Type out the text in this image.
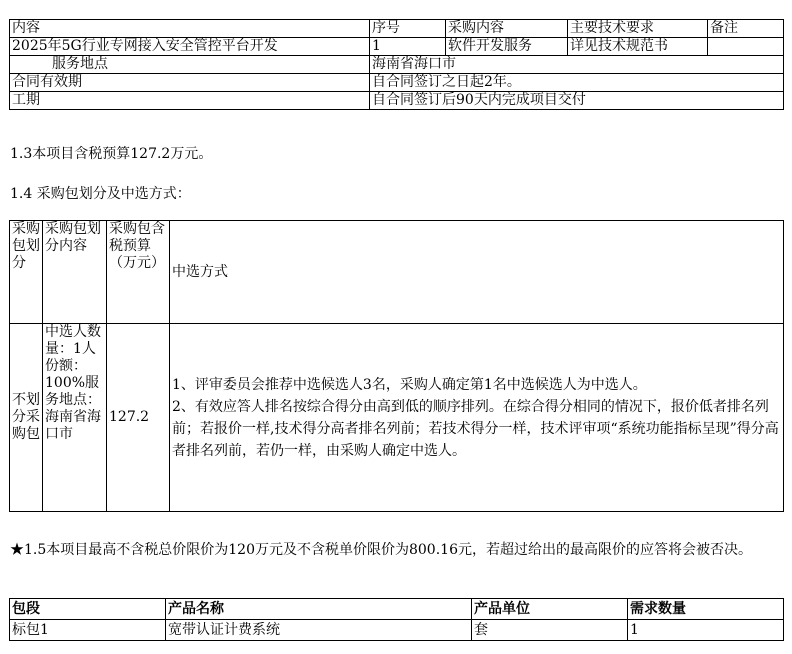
内容	序号	采购内容	主要技术要求	备注
2025年5G行业专网接入安全管控平台开发	1	软件开发服务	详见技术规范书	
服务地点	海南省海口市			
合同有效期	自合同签订之日起2年。			
工期	自合同签订后90天内完成项目交付			
1.3本项目含税预算127.2万元。
1.4 采购包划分及中选方式：
采购包划分	采购包划分内容	采购包含税预算（万元）	中选方式
不划分采购包	中选人数量：1人份额：100%服务地点：海南省海口市	127.2	1、评审委员会推荐中选候选人3名，采购人确定第1名中选候选人为中选人。
2、有效应答人排名按综合得分由高到低的顺序排列。在综合得分相同的情况下，报价低者排名列前；若报价一样,技术得分高者排名列前；若技术得分一样，技术评审项“系统功能指标呈现”得分高者排名列前，若仍一样，由采购人确定中选人。
★1.5本项目最高不含税总价限价为120万元及不含税单价限价为800.16元，若超过给出的最高限价的应答将会被否决。
包段	产品名称	产品单位	需求数量
标包1	宽带认证计费系统	套	1
